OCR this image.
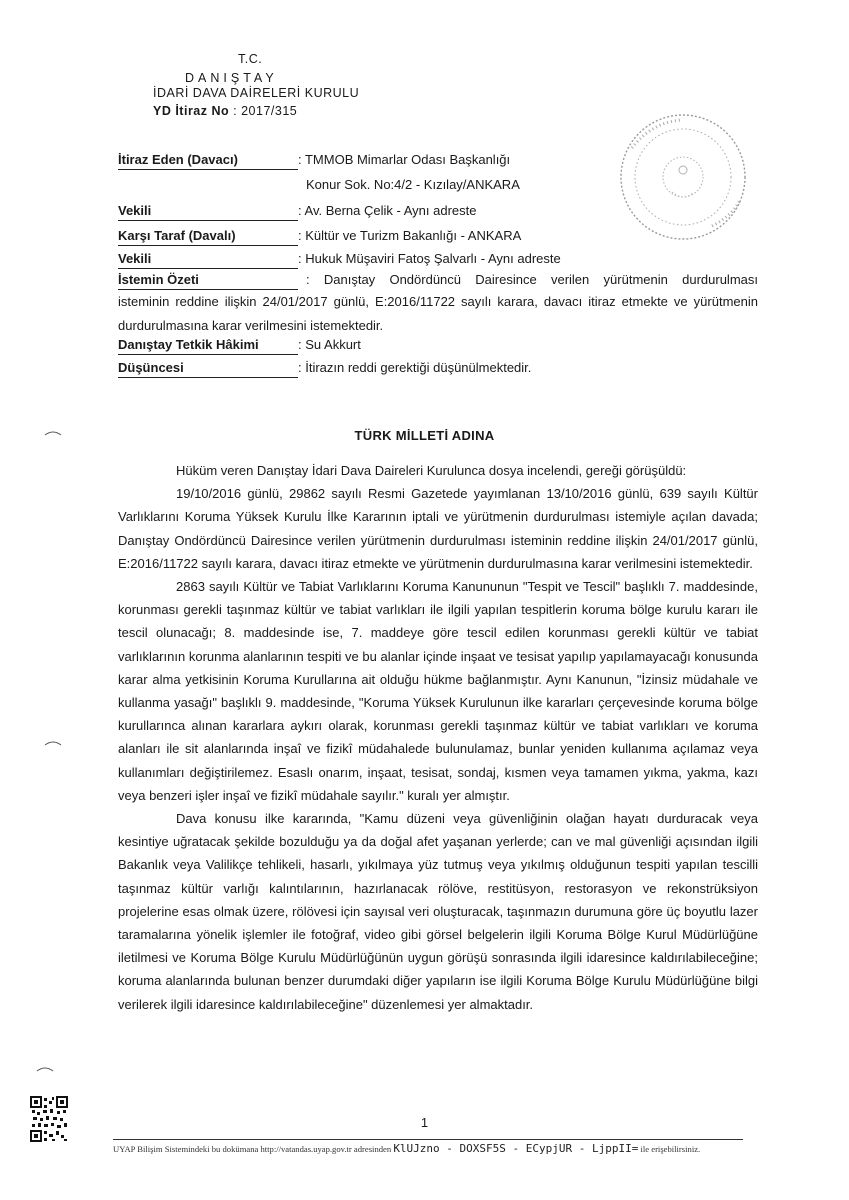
T.C.
DANIŞTAY
İDARİ DAVA DAİRELERİ KURULU
YD İtiraz No : 2017/315
İtiraz Eden (Davacı)	: TMMOB Mimarlar Odası Başkanlığı
Konur Sok. No:4/2 - Kızılay/ANKARA
Vekili	: Av. Berna Çelik - Aynı adreste
Karşı Taraf (Davalı)	: Kültür ve Turizm Bakanlığı - ANKARA
Vekili	: Hukuk Müşaviri Fatoş Şalvarlı - Aynı adreste
İstemin Özeti	: Danıştay Ondördüncü Dairesince verilen yürütmenin durdurulması
isteminin reddine ilişkin 24/01/2017 günlü, E:2016/11722 sayılı karara, davacı itiraz etmekte ve yürütmenin durdurulmasına karar verilmesini istemektedir.
Danıştay Tetkik Hâkimi	: Su Akkurt
Düşüncesi	: İtirazın reddi gerektiği düşünülmektedir.
TÜRK MİLLETİ ADINA

Hüküm veren Danıştay İdari Dava Daireleri Kurulunca dosya incelendi, gereği görüşüldü:

19/10/2016 günlü, 29862 sayılı Resmi Gazetede yayımlanan 13/10/2016 günlü, 639 sayılı Kültür Varlıklarını Koruma Yüksek Kurulu İlke Kararının iptali ve yürütmenin durdurulması istemiyle açılan davada; Danıştay Ondördüncü Dairesince verilen yürütmenin durdurulması isteminin reddine ilişkin 24/01/2017 günlü, E:2016/11722 sayılı karara, davacı itiraz etmekte ve yürütmenin durdurulmasına karar verilmesini istemektedir.

2863 sayılı Kültür ve Tabiat Varlıklarını Koruma Kanununun "Tespit ve Tescil" başlıklı 7. maddesinde, korunması gerekli taşınmaz kültür ve tabiat varlıkları ile ilgili yapılan tespitlerin koruma bölge kurulu kararı ile tescil olunacağı; 8. maddesinde ise, 7. maddeye göre tescil edilen korunması gerekli kültür ve tabiat varlıklarının korunma alanlarının tespiti ve bu alanlar içinde inşaat ve tesisat yapılıp yapılamayacağı konusunda karar alma yetkisinin Koruma Kurullarına ait olduğu hükme bağlanmıştır. Aynı Kanunun, "İzinsiz müdahale ve kullanma yasağı" başlıklı 9. maddesinde, "Koruma Yüksek Kurulunun ilke kararları çerçevesinde koruma bölge kurullarınca alınan kararlara aykırı olarak, korunması gerekli taşınmaz kültür ve tabiat varlıkları ve koruma alanları ile sit alanlarında inşaî ve fizikî müdahalede bulunulamaz, bunlar yeniden kullanıma açılamaz veya kullanımları değiştirilemez. Esaslı onarım, inşaat, tesisat, sondaj, kısmen veya tamamen yıkma, yakma, kazı veya benzeri işler inşaî ve fizikî müdahale sayılır." kuralı yer almıştır.

Dava konusu ilke kararında, "Kamu düzeni veya güvenliğinin olağan hayatı durduracak veya kesintiye uğratacak şekilde bozulduğu ya da doğal afet yaşanan yerlerde; can ve mal güvenliği açısından ilgili Bakanlık veya Valilikçe tehlikeli, hasarlı, yıkılmaya yüz tutmuş veya yıkılmış olduğunun tespiti yapılan tescilli taşınmaz kültür varlığı kalıntılarının, hazırlanacak rölöve, restitüsyon, restorasyon ve rekonstrüksiyon projelerine esas olmak üzere, rölövesi için sayısal veri oluşturacak, taşınmazın durumuna göre üç boyutlu lazer taramalarına yönelik işlemler ile fotoğraf, video gibi görsel belgelerin ilgili Koruma Bölge Kurul Müdürlüğüne iletilmesi ve Koruma Bölge Kurulu Müdürlüğünün uygun görüşü sonrasında ilgili idaresince kaldırılabileceğine; koruma alanlarında bulunan benzer durumdaki diğer yapıların ise ilgili Koruma Bölge Kurulu Müdürlüğüne bilgi verilerek ilgili idaresince kaldırılabileceğine" düzenlemesi yer almaktadır.

1
UYAP Bilişim Sistemindeki bu dokümana http://vatandas.uyap.gov.tr adresinden KlUJzno - DOXSF5S - ECypjUR - LjppII= ile erişebilirsiniz.
